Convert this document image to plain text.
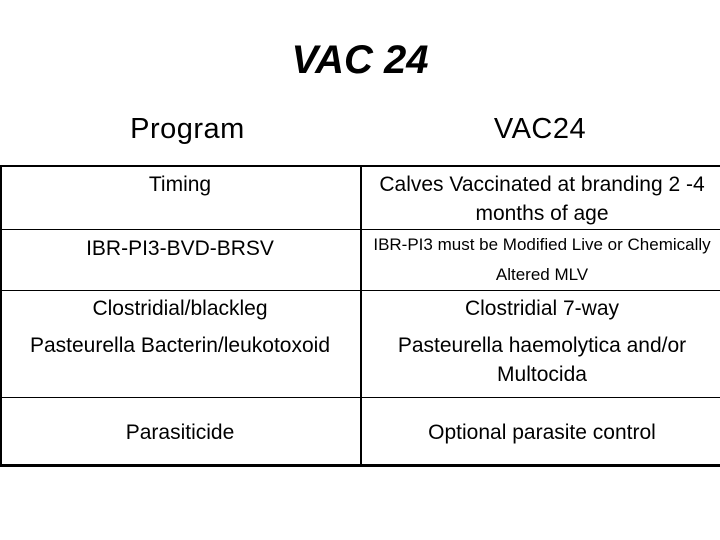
VAC 24
Program	VAC24
Timing	Calves Vaccinated at branding 2 -4 months of age
IBR-PI3-BVD-BRSV	IBR-PI3 must be Modified Live or Chemically Altered MLV
Clostridial/blackleg	Clostridial 7-way
Pasteurella Bacterin/leukotoxoid	Pasteurella haemolytica and/or Multocida
Parasiticide	Optional parasite control
